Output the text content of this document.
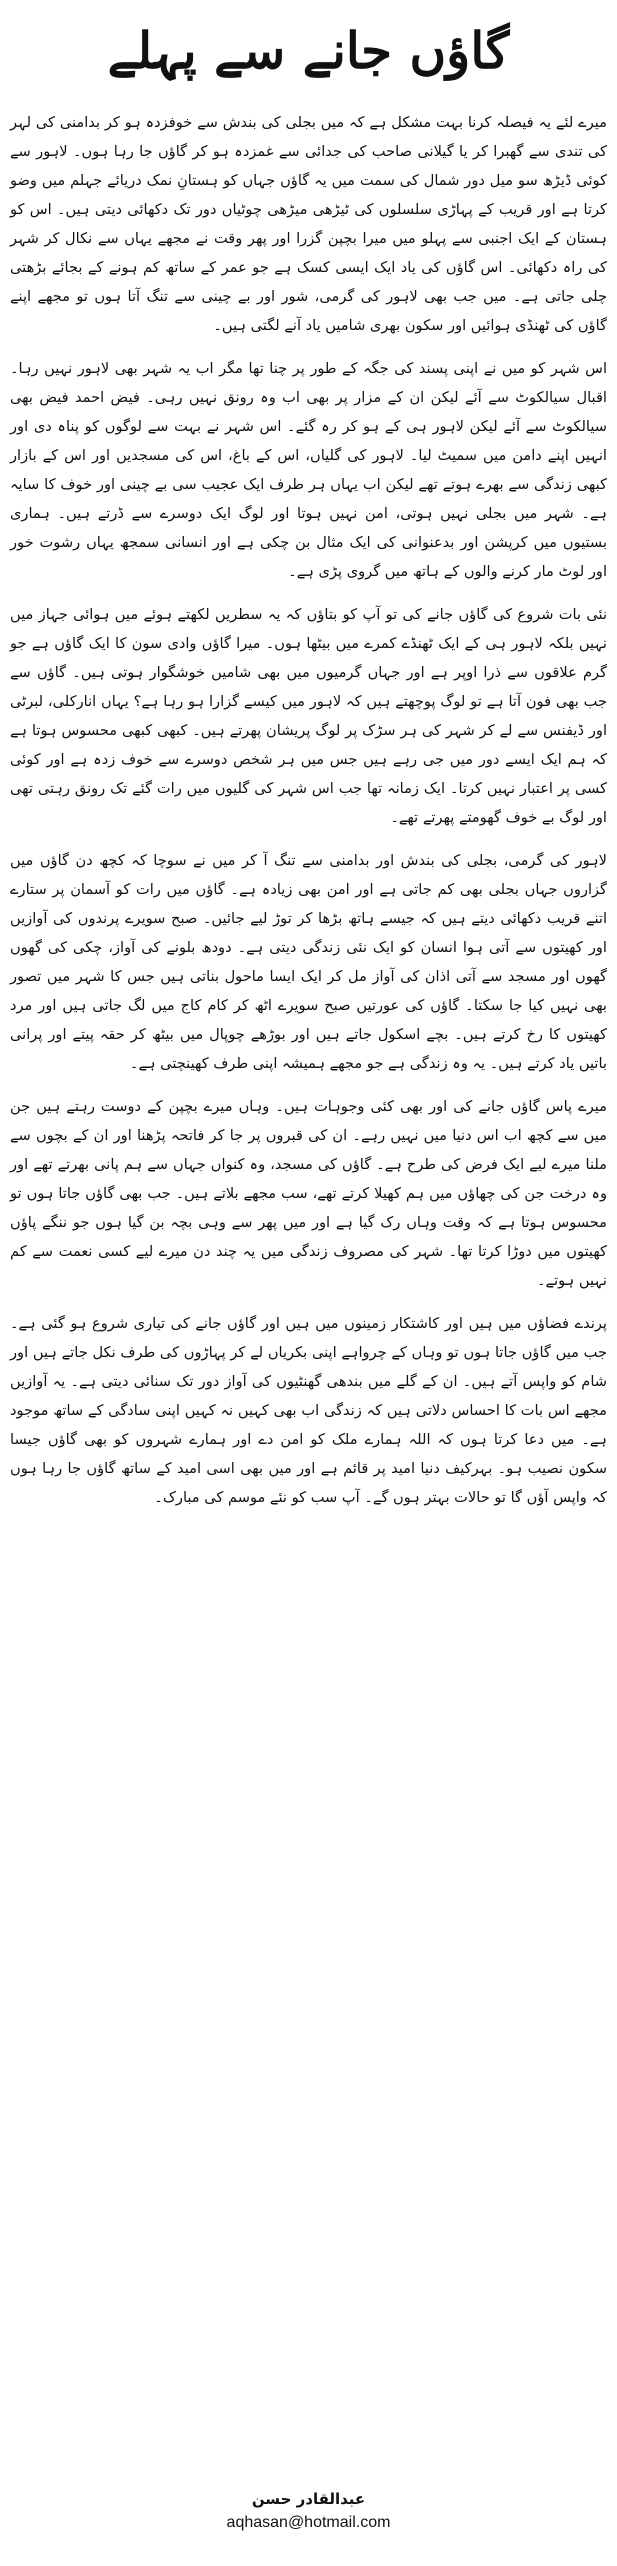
گاؤں جانے سے پہلے

میرے لئے یہ فیصلہ کرنا بہت مشکل ہے کہ میں بجلی کی بندش سے خوفزدہ ہو کر بدامنی کی لہر کی تندی سے گھبرا کر یا گیلانی صاحب کی جدائی سے غمزدہ ہو کر گاؤں جا رہا ہوں۔ لاہور سے کوئی ڈیڑھ سو میل دور شمال کی سمت میں یہ گاؤں جہاں کو ہستانِ نمک دریائے جہلم میں وضو کرتا ہے اور قریب کے پہاڑی سلسلوں کی ٹیڑھی میڑھی چوٹیاں دور تک دکھائی دیتی ہیں۔ اس کو ہستان کے ایک اجنبی سے پہلو میں میرا بچپن گزرا اور پھر وقت نے مجھے یہاں سے نکال کر شہر کی راہ دکھائی۔ اس گاؤں کی یاد ایک ایسی کسک ہے جو عمر کے ساتھ کم ہونے کے بجائے بڑھتی چلی جاتی ہے۔ میں جب بھی لاہور کی گرمی، شور اور بے چینی سے تنگ آتا ہوں تو مجھے اپنے گاؤں کی ٹھنڈی ہوائیں اور سکون بھری شامیں یاد آنے لگتی ہیں۔

اس شہر کو میں نے اپنی پسند کی جگہ کے طور پر چنا تھا مگر اب یہ شہر بھی لاہور نہیں رہا۔ اقبال سیالکوٹ سے آئے لیکن ان کے مزار پر بھی اب وہ رونق نہیں رہی۔ فیض احمد فیض بھی سیالکوٹ سے آئے لیکن لاہور ہی کے ہو کر رہ گئے۔ اس شہر نے بہت سے لوگوں کو پناہ دی اور انہیں اپنے دامن میں سمیٹ لیا۔ لاہور کی گلیاں، اس کے باغ، اس کی مسجدیں اور اس کے بازار کبھی زندگی سے بھرے ہوتے تھے لیکن اب یہاں ہر طرف ایک عجیب سی بے چینی اور خوف کا سایہ ہے۔ شہر میں بجلی نہیں ہوتی، امن نہیں ہوتا اور لوگ ایک دوسرے سے ڈرتے ہیں۔ ہماری بستیوں میں کرپشن اور بدعنوانی کی ایک مثال بن چکی ہے اور انسانی سمجھ یہاں رشوت خور اور لوٹ مار کرنے والوں کے ہاتھ میں گروی پڑی ہے۔

نئی بات شروع کی گاؤں جانے کی تو آپ کو بتاؤں کہ یہ سطریں لکھتے ہوئے میں ہوائی جہاز میں نہیں بلکہ لاہور ہی کے ایک ٹھنڈے کمرے میں بیٹھا ہوں۔ میرا گاؤں وادی سون کا ایک گاؤں ہے جو گرم علاقوں سے ذرا اوپر ہے اور جہاں گرمیوں میں بھی شامیں خوشگوار ہوتی ہیں۔ گاؤں سے جب بھی فون آتا ہے تو لوگ پوچھتے ہیں کہ لاہور میں کیسے گزارا ہو رہا ہے؟ یہاں انارکلی، لبرٹی اور ڈیفنس سے لے کر شہر کی ہر سڑک پر لوگ پریشان پھرتے ہیں۔ کبھی کبھی محسوس ہوتا ہے کہ ہم ایک ایسے دور میں جی رہے ہیں جس میں ہر شخص دوسرے سے خوف زدہ ہے اور کوئی کسی پر اعتبار نہیں کرتا۔ ایک زمانہ تھا جب اس شہر کی گلیوں میں رات گئے تک رونق رہتی تھی اور لوگ بے خوف گھومتے پھرتے تھے۔

لاہور کی گرمی، بجلی کی بندش اور بدامنی سے تنگ آ کر میں نے سوچا کہ کچھ دن گاؤں میں گزاروں جہاں بجلی بھی کم جاتی ہے اور امن بھی زیادہ ہے۔ گاؤں میں رات کو آسمان پر ستارے اتنے قریب دکھائی دیتے ہیں کہ جیسے ہاتھ بڑھا کر توڑ لیے جائیں۔ صبح سویرے پرندوں کی آوازیں اور کھیتوں سے آتی ہوا انسان کو ایک نئی زندگی دیتی ہے۔ دودھ بلونے کی آواز، چکی کی گھوں گھوں اور مسجد سے آتی اذان کی آواز مل کر ایک ایسا ماحول بناتی ہیں جس کا شہر میں تصور بھی نہیں کیا جا سکتا۔ گاؤں کی عورتیں صبح سویرے اٹھ کر کام کاج میں لگ جاتی ہیں اور مرد کھیتوں کا رخ کرتے ہیں۔ بچے اسکول جاتے ہیں اور بوڑھے چوپال میں بیٹھ کر حقہ پیتے اور پرانی باتیں یاد کرتے ہیں۔ یہ وہ زندگی ہے جو مجھے ہمیشہ اپنی طرف کھینچتی ہے۔

میرے پاس گاؤں جانے کی اور بھی کئی وجوہات ہیں۔ وہاں میرے بچپن کے دوست رہتے ہیں جن میں سے کچھ اب اس دنیا میں نہیں رہے۔ ان کی قبروں پر جا کر فاتحہ پڑھنا اور ان کے بچوں سے ملنا میرے لیے ایک فرض کی طرح ہے۔ گاؤں کی مسجد، وہ کنواں جہاں سے ہم پانی بھرتے تھے اور وہ درخت جن کی چھاؤں میں ہم کھیلا کرتے تھے، سب مجھے بلاتے ہیں۔ جب بھی گاؤں جاتا ہوں تو محسوس ہوتا ہے کہ وقت وہاں رک گیا ہے اور میں پھر سے وہی بچہ بن گیا ہوں جو ننگے پاؤں کھیتوں میں دوڑا کرتا تھا۔ شہر کی مصروف زندگی میں یہ چند دن میرے لیے کسی نعمت سے کم نہیں ہوتے۔

پرندے فضاؤں میں ہیں اور کاشتکار زمینوں میں ہیں اور گاؤں جانے کی تیاری شروع ہو گئی ہے۔ جب میں گاؤں جاتا ہوں تو وہاں کے چرواہے اپنی بکریاں لے کر پہاڑوں کی طرف نکل جاتے ہیں اور شام کو واپس آتے ہیں۔ ان کے گلے میں بندھی گھنٹیوں کی آواز دور تک سنائی دیتی ہے۔ یہ آوازیں مجھے اس بات کا احساس دلاتی ہیں کہ زندگی اب بھی کہیں نہ کہیں اپنی سادگی کے ساتھ موجود ہے۔ میں دعا کرتا ہوں کہ اللہ ہمارے ملک کو امن دے اور ہمارے شہروں کو بھی گاؤں جیسا سکون نصیب ہو۔ بہرکیف دنیا امید پر قائم ہے اور میں بھی اسی امید کے ساتھ گاؤں جا رہا ہوں کہ واپس آؤں گا تو حالات بہتر ہوں گے۔ آپ سب کو نئے موسم کی مبارک۔

عبدالقادر حسن
aqhasan@hotmail.com
